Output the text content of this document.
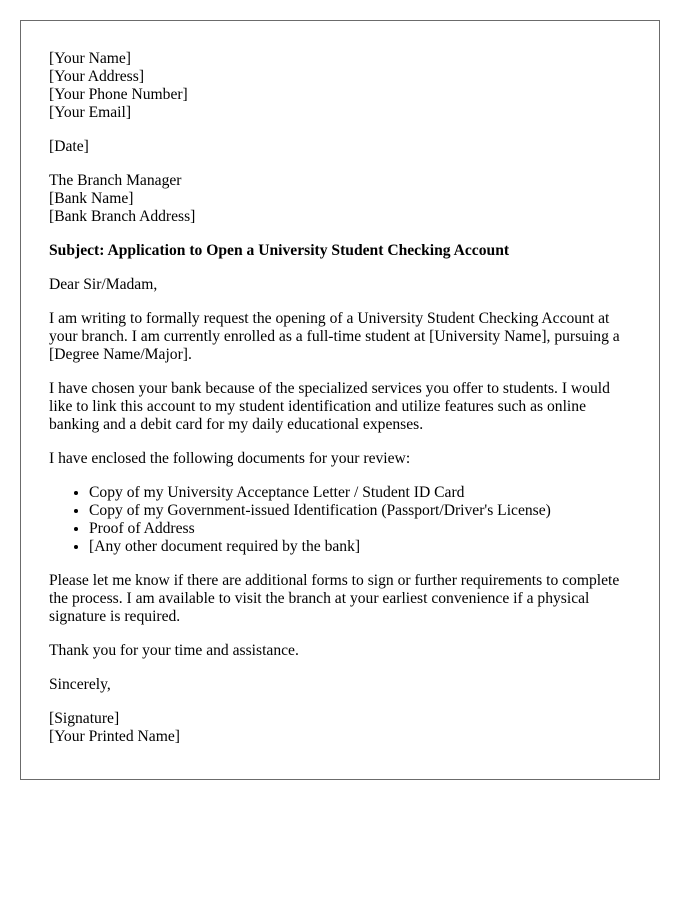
[Your Name]
[Your Address]
[Your Phone Number]
[Your Email]
[Date]
The Branch Manager
[Bank Name]
[Bank Branch Address]

Subject: Application to Open a University Student Checking Account

Dear Sir/Madam,

I am writing to formally request the opening of a University Student Checking Account at your branch. I am currently enrolled as a full-time student at [University Name], pursuing a [Degree Name/Major].

I have chosen your bank because of the specialized services you offer to students. I would like to link this account to my student identification and utilize features such as online banking and a debit card for my daily educational expenses.

I have enclosed the following documents for your review:

• Copy of my University Acceptance Letter / Student ID Card
• Copy of my Government-issued Identification (Passport/Driver's License)
• Proof of Address
• [Any other document required by the bank]

Please let me know if there are additional forms to sign or further requirements to complete the process. I am available to visit the branch at your earliest convenience if a physical signature is required.

Thank you for your time and assistance.

Sincerely,

[Signature]
[Your Printed Name]
